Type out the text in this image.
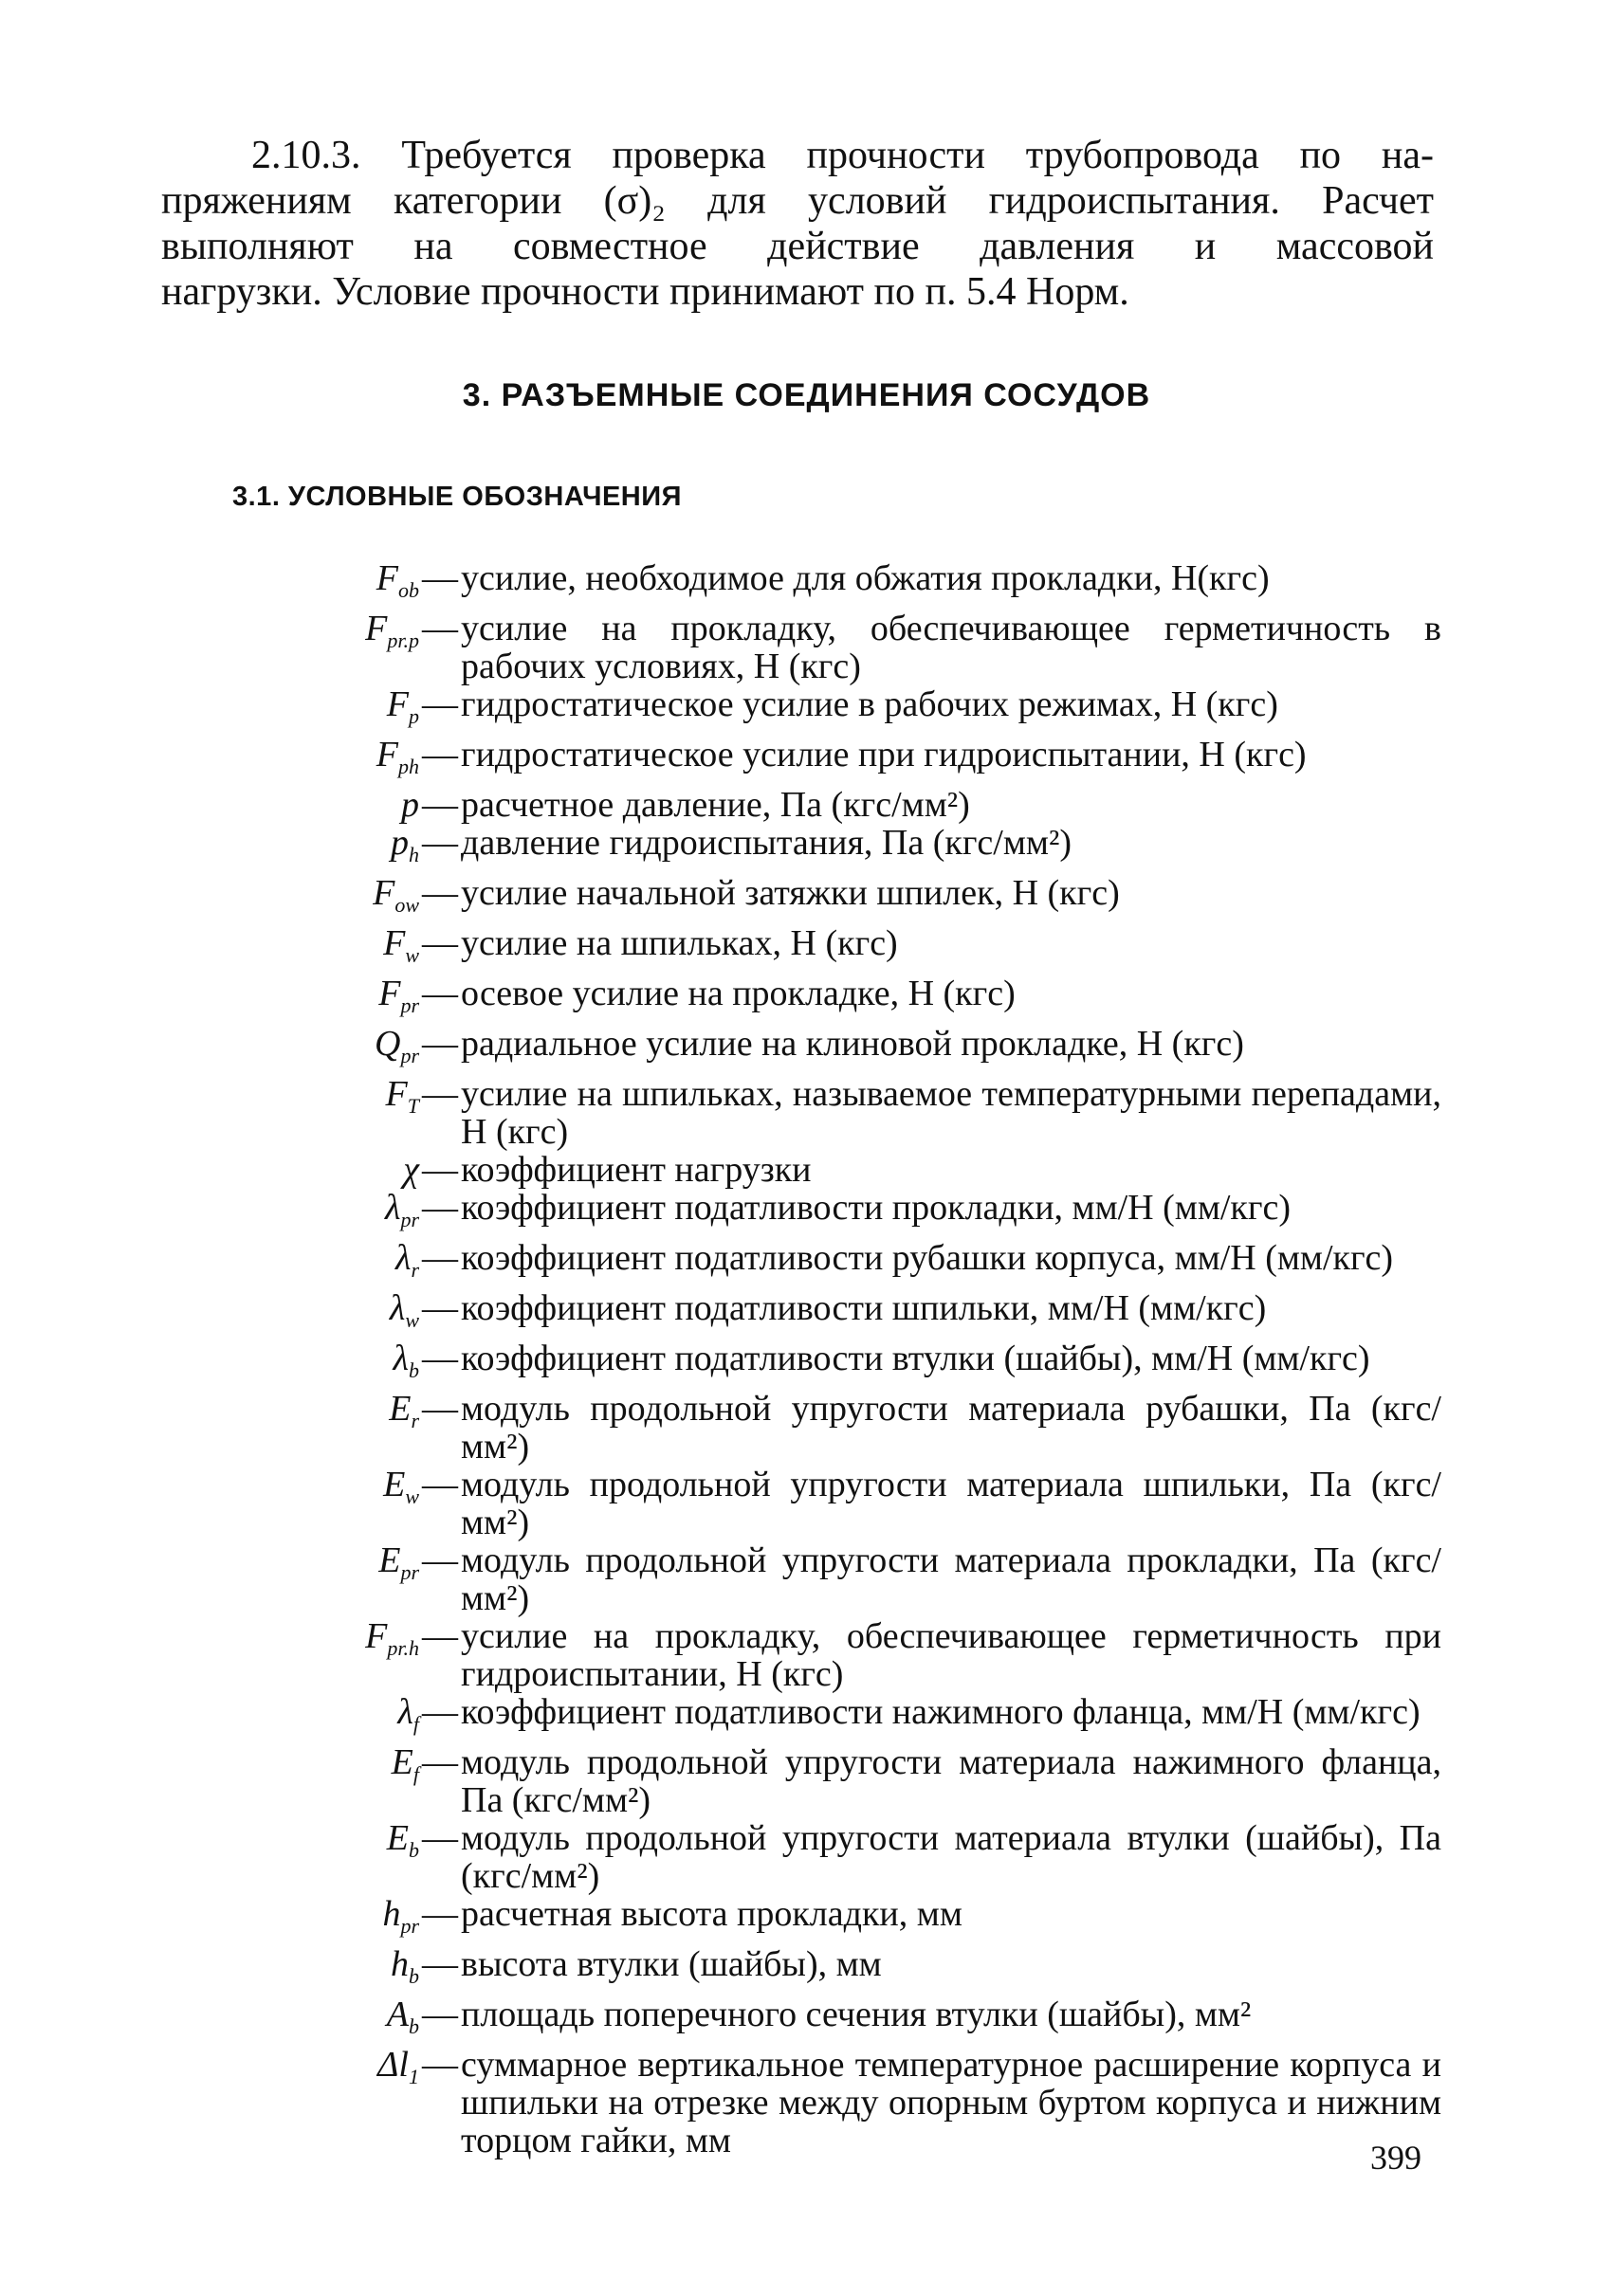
2.10.3. Требуется проверка прочности трубопровода по на-
пряжениям категории (σ)₂ для условий гидроиспытания. Расчет
выполняют на совместное действие давления и массовой
нагрузки. Условие прочности принимают по п. 5.4 Норм.
3. РАЗЪЕМНЫЕ СОЕДИНЕНИЯ СОСУДОВ
3.1. УСЛОВНЫЕ ОБОЗНАЧЕНИЯ
$F_{ob}$ — усилие, необходимое для обжатия прокладки, Н(кгс)
$F_{pr.p}$ — усилие на прокладку, обеспечивающее герметичность в рабочих условиях, Н (кгс)
$F_p$ — гидростатическое усилие в рабочих режимах, Н (кгс)
$F_{ph}$ — гидростатическое усилие при гидроиспытании, Н (кгс)
p — расчетное давление, Па (кгс/мм²)
$p_h$ — давление гидроиспытания, Па (кгс/мм²)
$F_{ow}$ — усилие начальной затяжки шпилек, Н (кгс)
$F_w$ — усилие на шпильках, Н (кгс)
$F_{pr}$ — осевое усилие на прокладке, Н (кгс)
$Q_{pr}$ — радиальное усилие на клиновой прокладке, Н (кгс)
$F_T$ — усилие на шпильках, называемое температурными перепадами, Н (кгс)
χ — коэффициент нагрузки
$\lambda_{pr}$ — коэффициент податливости прокладки, мм/Н (мм/кгс)
$\lambda_r$ — коэффициент податливости рубашки корпуса, мм/Н (мм/кгс)
$\lambda_w$ — коэффициент податливости шпильки, мм/Н (мм/кгс)
$\lambda_b$ — коэффициент податливости втулки (шайбы), мм/Н (мм/кгс)
$E_r$ — модуль продольной упругости материала рубашки, Па (кгс/мм²)
$E_w$ — модуль продольной упругости материала шпильки, Па (кгс/мм²)
$E_{pr}$ — модуль продольной упругости материала прокладки, Па (кгс/мм²)
$F_{pr.h}$ — усилие на прокладку, обеспечивающее герметичность при гидроиспытании, Н (кгс)
$\lambda_f$ — коэффициент податливости нажимного фланца, мм/Н (мм/кгс)
$E_f$ — модуль продольной упругости материала нажимного фланца, Па (кгс/мм²)
$E_b$ — модуль продольной упругости материала втулки (шайбы), Па (кгс/мм²)
$h_{pr}$ — расчетная высота прокладки, мм
$h_b$ — высота втулки (шайбы), мм
$A_b$ — площадь поперечного сечения втулки (шайбы), мм²
$\Delta l_1$ — суммарное вертикальное температурное расширение корпуса и шпильки на отрезке между опорным буртом корпуса и нижним торцом гайки, мм	399
